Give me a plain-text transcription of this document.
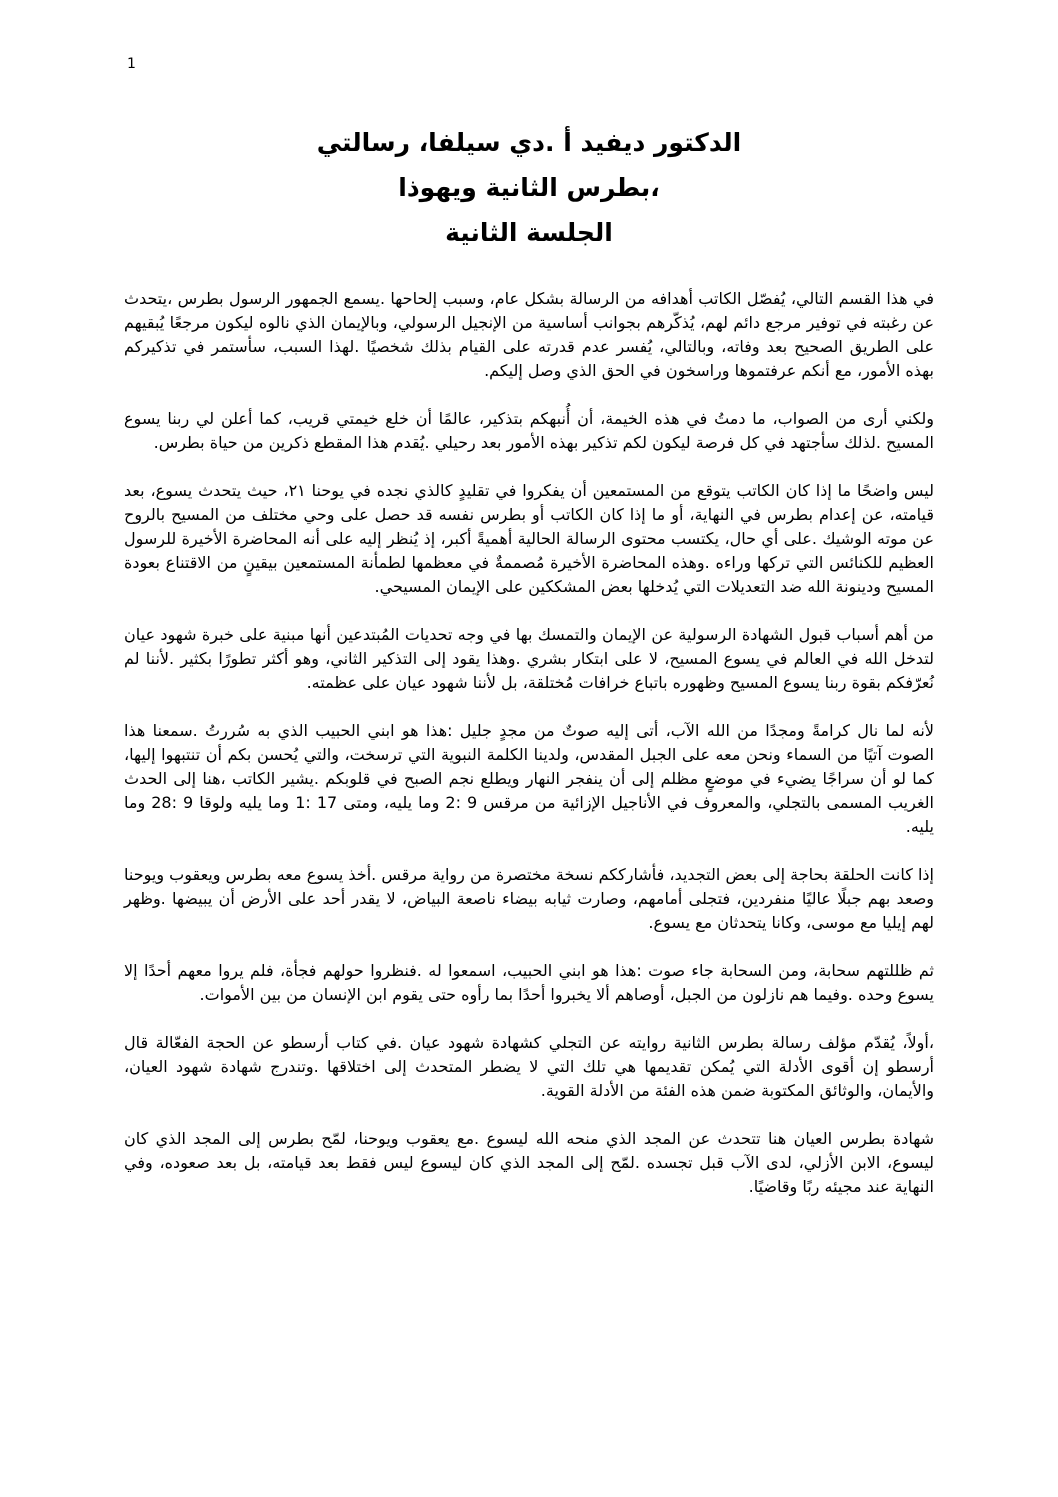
1
الدكتور ديفيد أ .دي سيلفا، رسالتي
،بطرس الثانية ويهوذا
الجلسة الثانية

في هذا القسم التالي، يُفصّل الكاتب أهدافه من الرسالة بشكل عام، وسبب إلحاحها .يسمع الجمهور الرسول بطرس ،يتحدث عن رغبته في توفير مرجع دائم لهم، يُذكّرهم بجوانب أساسية من الإنجيل الرسولي، وبالإيمان الذي نالوه ليكون مرجعًا يُبقيهم على الطريق الصحيح بعد وفاته، وبالتالي، يُفسر عدم قدرته على القيام بذلك شخصيًا .لهذا السبب، سأستمر في تذكيركم بهذه الأمور، مع أنكم عرفتموها وراسخون في الحق الذي وصل إليكم.

ولكني أرى من الصواب، ما دمتُ في هذه الخيمة، أن أُنبهكم بتذكير، عالمًا أن خلع خيمتي قريب، كما أعلن لي ربنا يسوع المسيح .لذلك سأجتهد في كل فرصة ليكون لكم تذكير بهذه الأمور بعد رحيلي .يُقدم هذا المقطع ذكرين من حياة بطرس.

ليس واضحًا ما إذا كان الكاتب يتوقع من المستمعين أن يفكروا في تقليدٍ كالذي نجده في يوحنا ٢١، حيث يتحدث يسوع، بعد قيامته، عن إعدام بطرس في النهاية، أو ما إذا كان الكاتب أو بطرس نفسه قد حصل على وحي مختلف من المسيح بالروح عن موته الوشيك .على أي حال، يكتسب محتوى الرسالة الحالية أهميةً أكبر، إذ يُنظر إليه على أنه المحاضرة الأخيرة للرسول العظيم للكنائس التي تركها وراءه .وهذه المحاضرة الأخيرة مُصممةٌ في معظمها لطمأنة المستمعين بيقينٍ من الاقتناع بعودة المسيح ودينونة الله ضد التعديلات التي يُدخلها بعض المشككين على الإيمان المسيحي.

من أهم أسباب قبول الشهادة الرسولية عن الإيمان والتمسك بها في وجه تحديات المُبتدعين أنها مبنية على خبرة شهود عيان لتدخل الله في العالم في يسوع المسيح، لا على ابتكار بشري .وهذا يقود إلى التذكير الثاني، وهو أكثر تطورًا بكثير .لأننا لم نُعرّفكم بقوة ربنا يسوع المسيح وظهوره باتباع خرافات مُختلقة، بل لأننا شهود عيان على عظمته.

لأنه لما نال كرامةً ومجدًا من الله الآب، أتى إليه صوتٌ من مجدٍ جليل :هذا هو ابني الحبيب الذي به سُررتُ .سمعنا هذا الصوت آتيًا من السماء ونحن معه على الجبل المقدس، ولدينا الكلمة النبوية التي ترسخت، والتي يُحسن بكم أن تنتبهوا إليها، كما لو أن سراجًا يضيء في موضعٍ مظلم إلى أن ينفجر النهار ويطلع نجم الصبح في قلوبكم .يشير الكاتب ،هنا إلى الحدث الغريب المسمى بالتجلي، والمعروف في الأناجيل الإزائية من مرقس 9 :2 وما يليه، ومتى 17 :1 وما يليه ولوقا 9 :28 وما يليه.

إذا كانت الحلقة بحاجة إلى بعض التجديد، فأشارككم نسخة مختصرة من رواية مرقس .أخذ يسوع معه بطرس ويعقوب ويوحنا وصعد بهم جبلًا عاليًا منفردين، فتجلى أمامهم، وصارت ثيابه بيضاء ناصعة البياض، لا يقدر أحد على الأرض أن يبيضها .وظهر لهم إيليا مع موسى، وكانا يتحدثان مع يسوع.

ثم ظللتهم سحابة، ومن السحابة جاء صوت :هذا هو ابني الحبيب، اسمعوا له .فنظروا حولهم فجأة، فلم يروا معهم أحدًا إلا يسوع وحده .وفيما هم نازلون من الجبل، أوصاهم ألا يخبروا أحدًا بما رأوه حتى يقوم ابن الإنسان من بين الأموات.

،أولاً، يُقدّم مؤلف رسالة بطرس الثانية روايته عن التجلي كشهادة شهود عيان .في كتاب أرسطو عن الحجة الفعّالة قال أرسطو إن أقوى الأدلة التي يُمكن تقديمها هي تلك التي لا يضطر المتحدث إلى اختلاقها .وتندرج شهادة شهود العيان، والأيمان، والوثائق المكتوبة ضمن هذه الفئة من الأدلة القوية.

شهادة بطرس العيان هنا تتحدث عن المجد الذي منحه الله ليسوع .مع يعقوب ويوحنا، لمّح بطرس إلى المجد الذي كان ليسوع، الابن الأزلي، لدى الآب قبل تجسده .لمّح إلى المجد الذي كان ليسوع ليس فقط بعد قيامته، بل بعد صعوده، وفي النهاية عند مجيئه ربًا وقاضيًا.
